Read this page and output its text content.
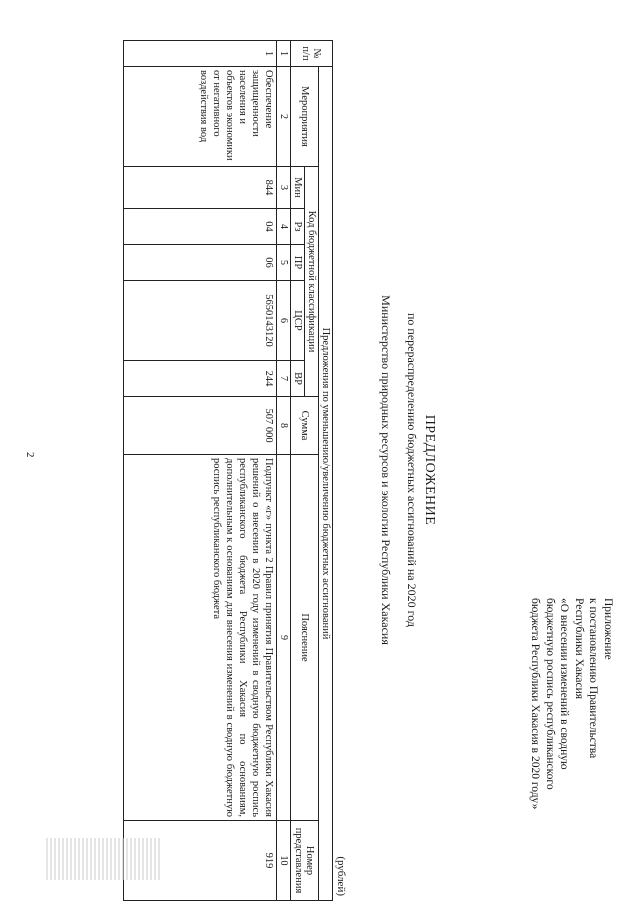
2
Приложение
к постановлению Правительства
Республики Хакасия
«О внесении изменений в сводную
бюджетную роспись республиканского
бюджета Республики Хакасия в 2020 году»
ПРЕДЛОЖЕНИЕ
по перераспределению бюджетных ассигнований на 2020 год
Министерство природных ресурсов и экологии Республики Хакасия
(рублей)
№ п/п	Предложения по уменьшению/увеличению бюджетных ассигнований								
	Мероприятия	Код бюджетной классификации					Сумма	Пояснение	Номер представления
		Мин	Рз	ПР	ЦСР	ВР			
1	2	3	4	5	6	7	8	9	10
1	Обеспечение защищенности населения и объектов экономики от негативного воздействия вод	844	04	06	5650143120	244	507 000	Подпункт «г» пункта 2 Правил принятия Правительством Республики Хакасия решений о внесении в 2020 году изменений в сводную бюджетную роспись республиканского бюджета Республики Хакасия по основаниям, дополнительным к основаниям для внесения изменений в сводную бюджетную роспись республиканского бюджета	919
